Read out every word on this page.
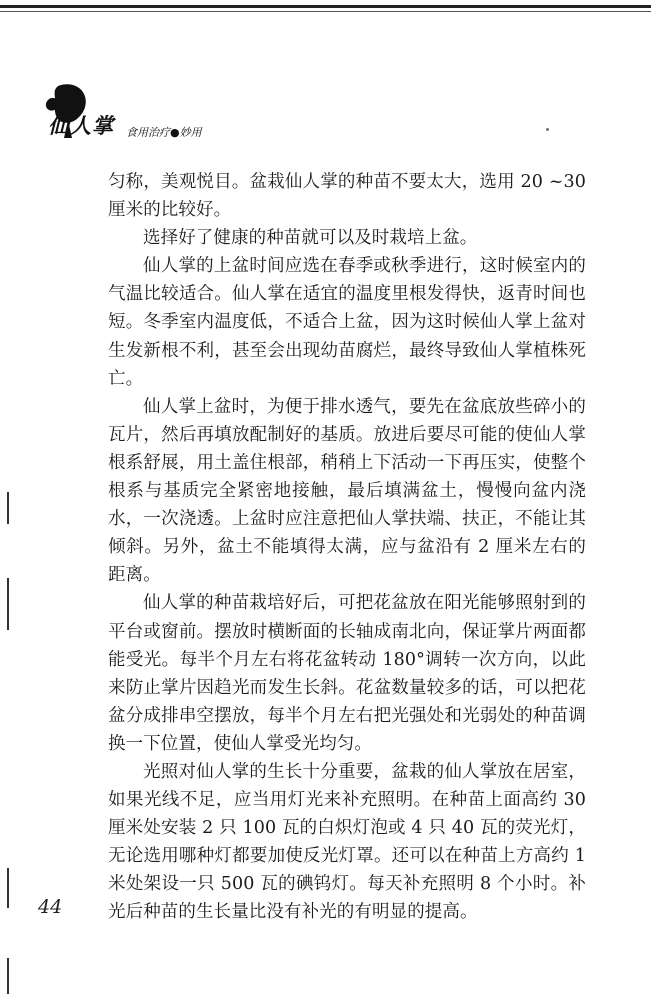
仙人掌 食用治疗●妙用

匀称，美观悦目。盆栽仙人掌的种苗不要太大，选用 20 ~30 厘米的比较好。

选择好了健康的种苗就可以及时栽培上盆。

仙人掌的上盆时间应选在春季或秋季进行，这时候室内的气温比较适合。仙人掌在适宜的温度里根发得快，返青时间也短。冬季室内温度低，不适合上盆，因为这时候仙人掌上盆对生发新根不利，甚至会出现幼苗腐烂，最终导致仙人掌植株死亡。

仙人掌上盆时，为便于排水透气，要先在盆底放些碎小的瓦片，然后再填放配制好的基质。放进后要尽可能的使仙人掌根系舒展，用土盖住根部，稍稍上下活动一下再压实，使整个根系与基质完全紧密地接触，最后填满盆土，慢慢向盆内浇水，一次浇透。上盆时应注意把仙人掌扶端、扶正，不能让其倾斜。另外，盆土不能填得太满，应与盆沿有 2 厘米左右的距离。

仙人掌的种苗栽培好后，可把花盆放在阳光能够照射到的平台或窗前。摆放时横断面的长轴成南北向，保证掌片两面都能受光。每半个月左右将花盆转动 180°调转一次方向，以此来防止掌片因趋光而发生长斜。花盆数量较多的话，可以把花盆分成排串空摆放，每半个月左右把光强处和光弱处的种苗调换一下位置，使仙人掌受光均匀。

光照对仙人掌的生长十分重要，盆栽的仙人掌放在居室，如果光线不足，应当用灯光来补充照明。在种苗上面高约 30 厘米处安装 2 只 100 瓦的白炽灯泡或 4 只 40 瓦的荧光灯，无论选用哪种灯都要加使反光灯罩。还可以在种苗上方高约 1 米处架设一只 500 瓦的碘钨灯。每天补充照明 8 个小时。补光后种苗的生长量比没有补光的有明显的提高。

44
